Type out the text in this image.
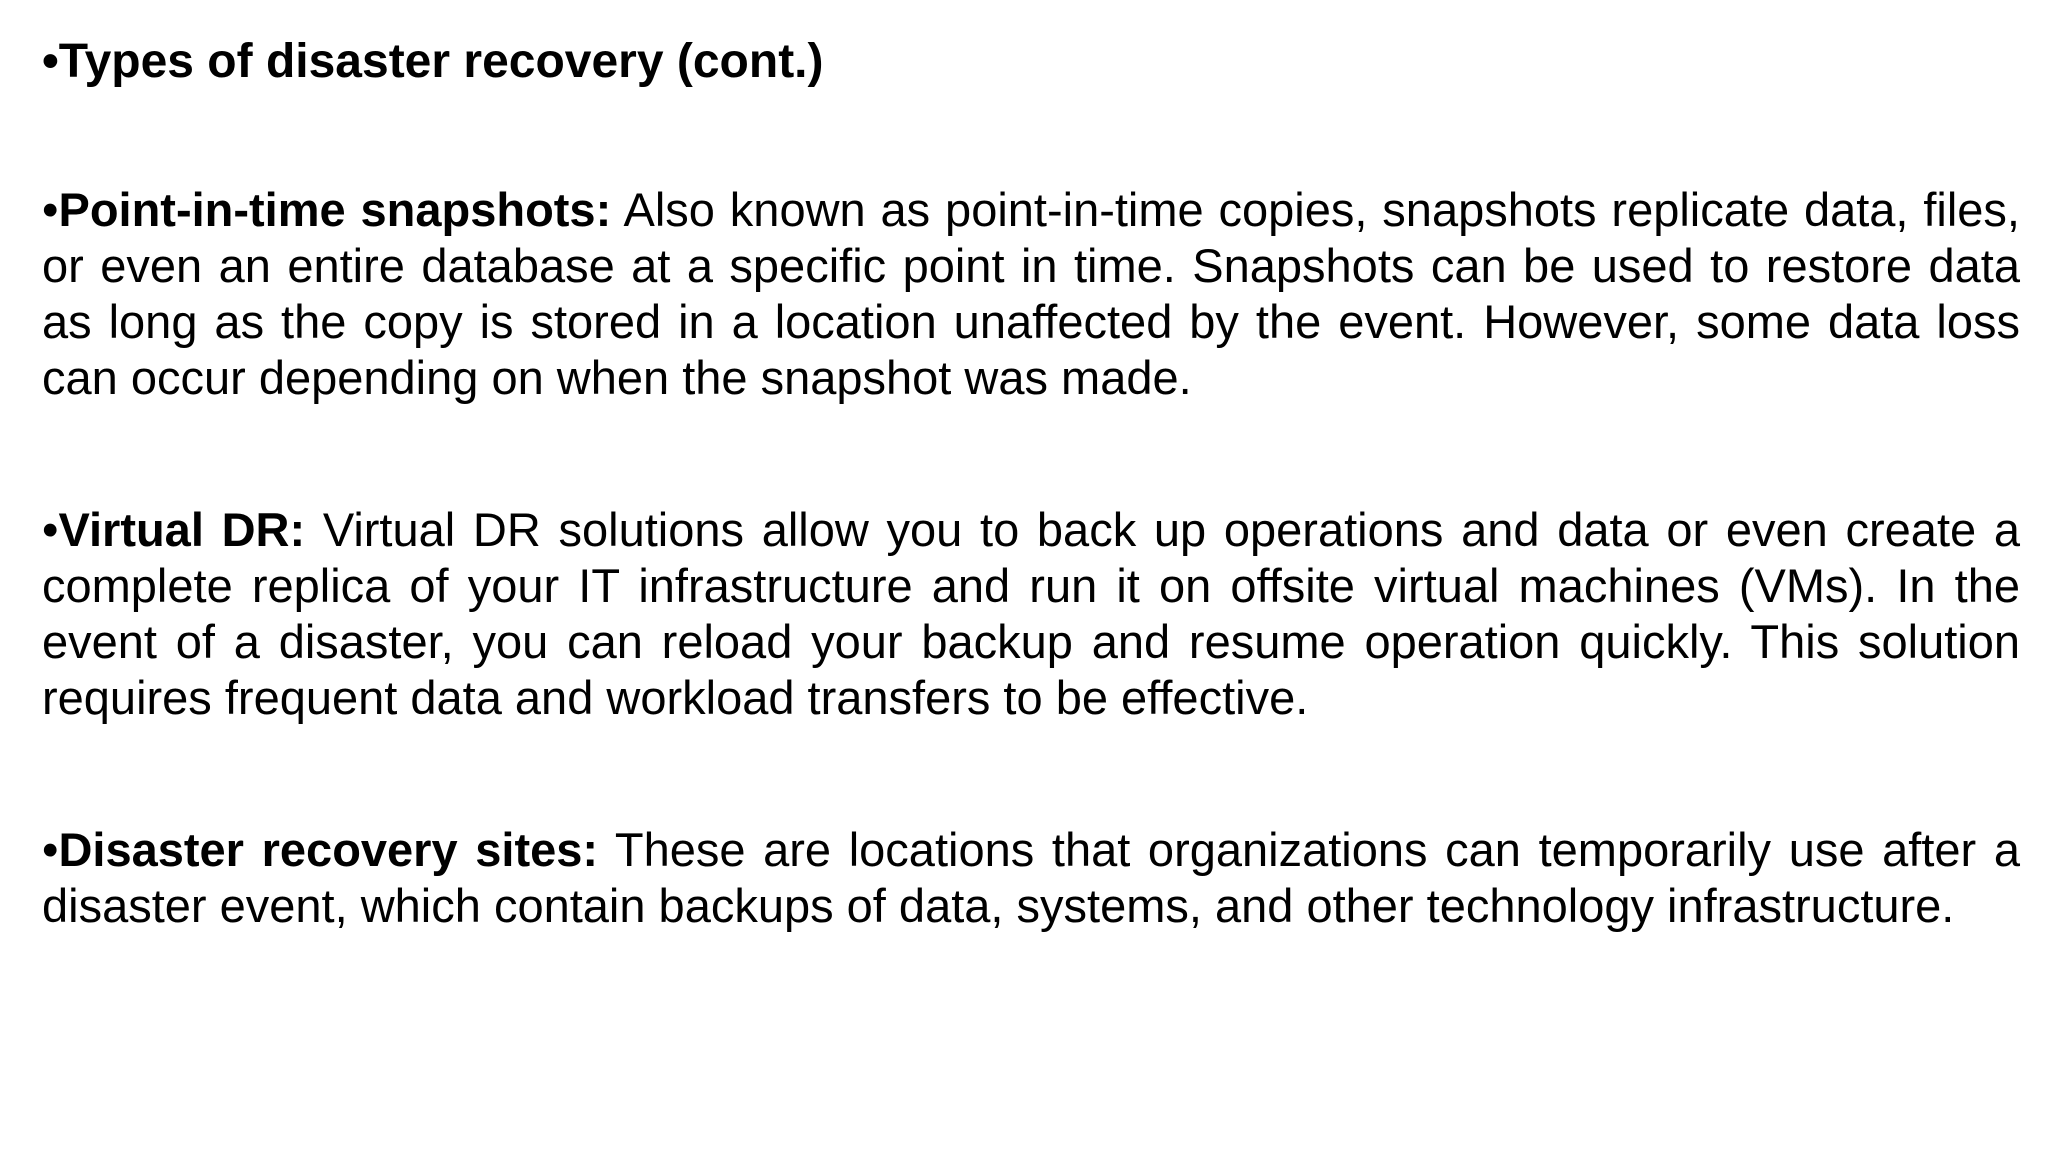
•Types of disaster recovery (cont.)

•Point-in-time snapshots: Also known as point-in-time copies, snapshots replicate data, files, or even an entire database at a specific point in time. Snapshots can be used to restore data as long as the copy is stored in a location unaffected by the event. However, some data loss can occur depending on when the snapshot was made.

•Virtual DR: Virtual DR solutions allow you to back up operations and data or even create a complete replica of your IT infrastructure and run it on offsite virtual machines (VMs). In the event of a disaster, you can reload your backup and resume operation quickly. This solution requires frequent data and workload transfers to be effective.

•Disaster recovery sites: These are locations that organizations can temporarily use after a disaster event, which contain backups of data, systems, and other technology infrastructure.
